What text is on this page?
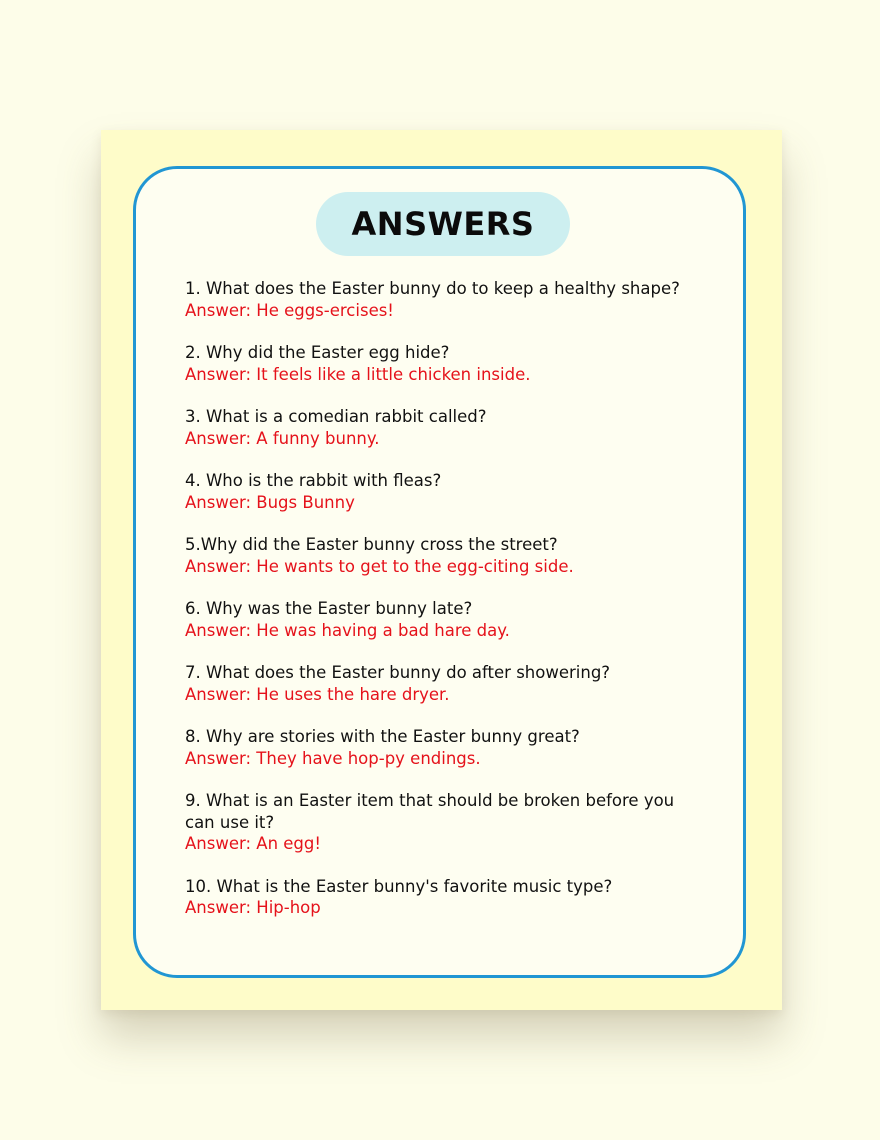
ANSWERS

1. What does the Easter bunny do to keep a healthy shape?

Answer: He eggs-ercises!

2. Why did the Easter egg hide?

Answer: It feels like a little chicken inside.

3. What is a comedian rabbit called?

Answer: A funny bunny.

4. Who is the rabbit with fleas?

Answer: Bugs Bunny

5.Why did the Easter bunny cross the street?

Answer: He wants to get to the egg-citing side.

6. Why was the Easter bunny late?

Answer: He was having a bad hare day.

7. What does the Easter bunny do after showering?

Answer: He uses the hare dryer.

8. Why are stories with the Easter bunny great?

Answer: They have hop-py endings.

9. What is an Easter item that should be broken before you can use it?

Answer: An egg!

10. What is the Easter bunny's favorite music type?

Answer: Hip-hop
